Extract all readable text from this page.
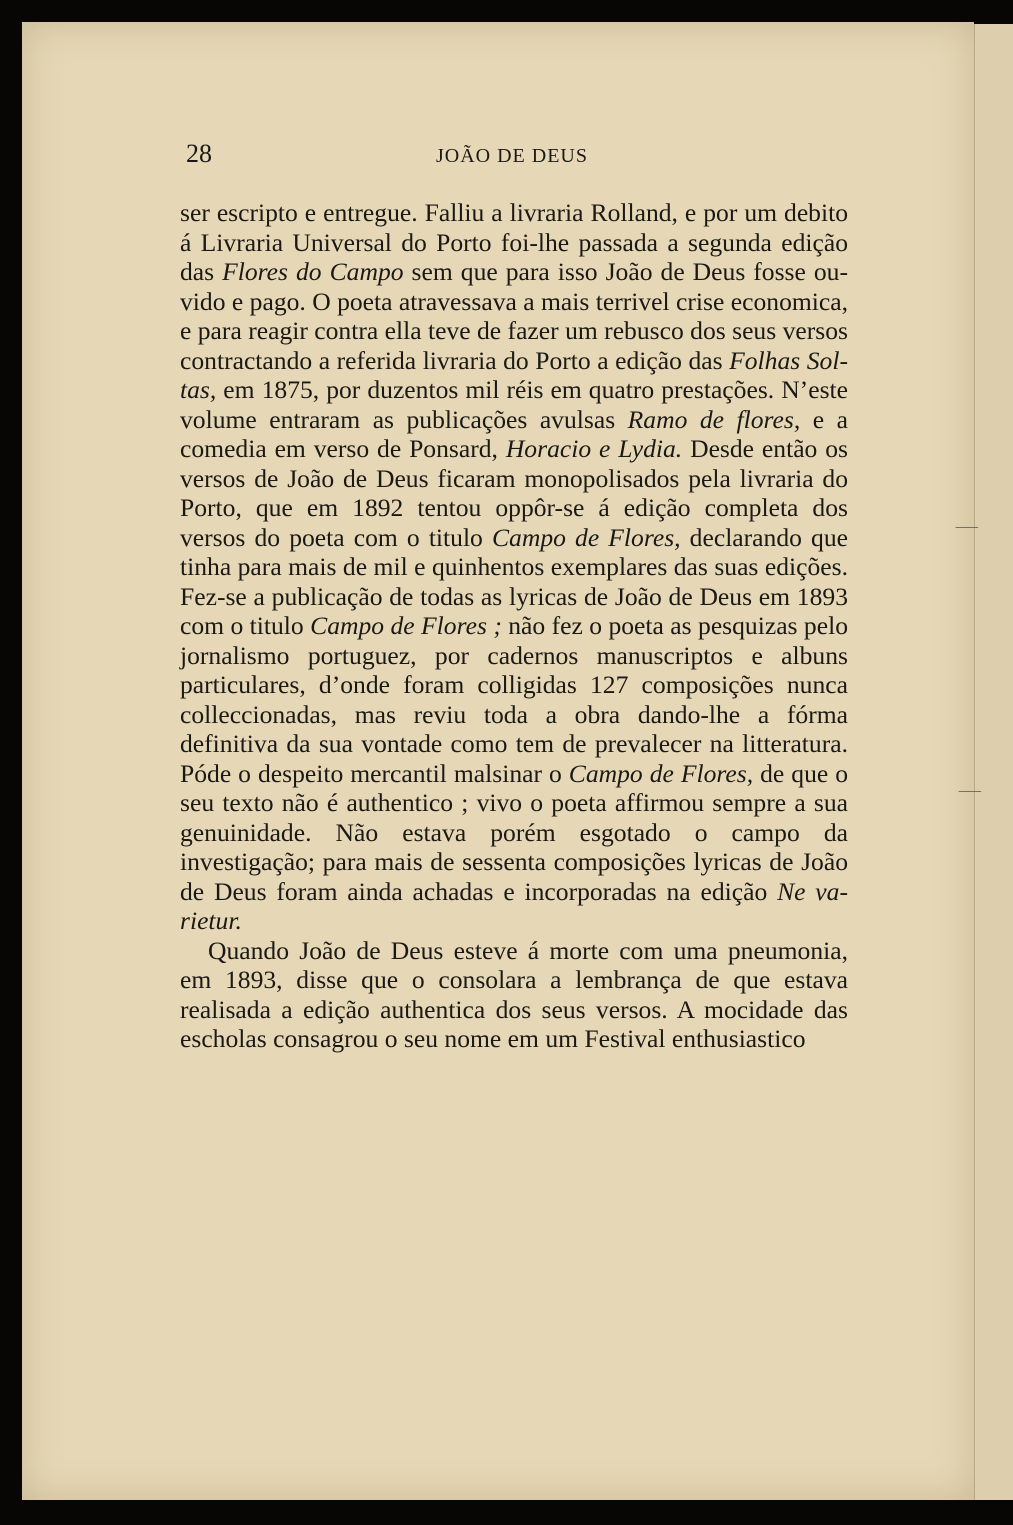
28	JOÃO DE DEUS

ser escripto e entregue. Falliu a livraria Rolland, e por um debito á Livraria Universal do Porto foi-lhe passada a segunda edição das Flores do Campo sem que para isso João de Deus fosse ouvido e pago. O poeta atravessava a mais terrivel crise economica, e para reagir contra ella teve de fazer um rebusco dos seus versos contractando a referida livraria do Porto a edição das Folhas Soltas, em 1875, por duzentos mil réis em quatro prestações. N’este volume entraram as publicações avulsas Ramo de flores, e a comedia em verso de Ponsard, Horacio e Lydia. Desde então os versos de João de Deus ficaram monopolisados pela livraria do Porto, que em 1892 tentou oppôr-se á edição completa dos versos do poeta com o titulo Campo de Flores, declarando que tinha para mais de mil e quinhentos exemplares das suas edições. Fez-se a publicação de todas as lyricas de João de Deus em 1893 com o titulo Campo de Flores ; não fez o poeta as pesquizas pelo jornalismo portuguez, por cadernos manuscriptos e albuns particulares, d’onde foram colligidas 127 composições nunca colleccionadas, mas reviu toda a obra dando-lhe a fórma definitiva da sua vontade como tem de prevalecer na litteratura. Póde o despeito mercantil malsinar o Campo de Flores, de que o seu texto não é authentico ; vivo o poeta affirmou sempre a sua genuinidade. Não estava porém esgotado o campo da investigação; para mais de sessenta composições lyricas de João de Deus foram ainda achadas e incorporadas na edição Ne varietur.

Quando João de Deus esteve á morte com uma pneumonia, em 1893, disse que o consolara a lembrança de que estava realisada a edição authentica dos seus versos. A mocidade das escholas consagrou o seu nome em um Festival enthusiastico

⸺
⸺
